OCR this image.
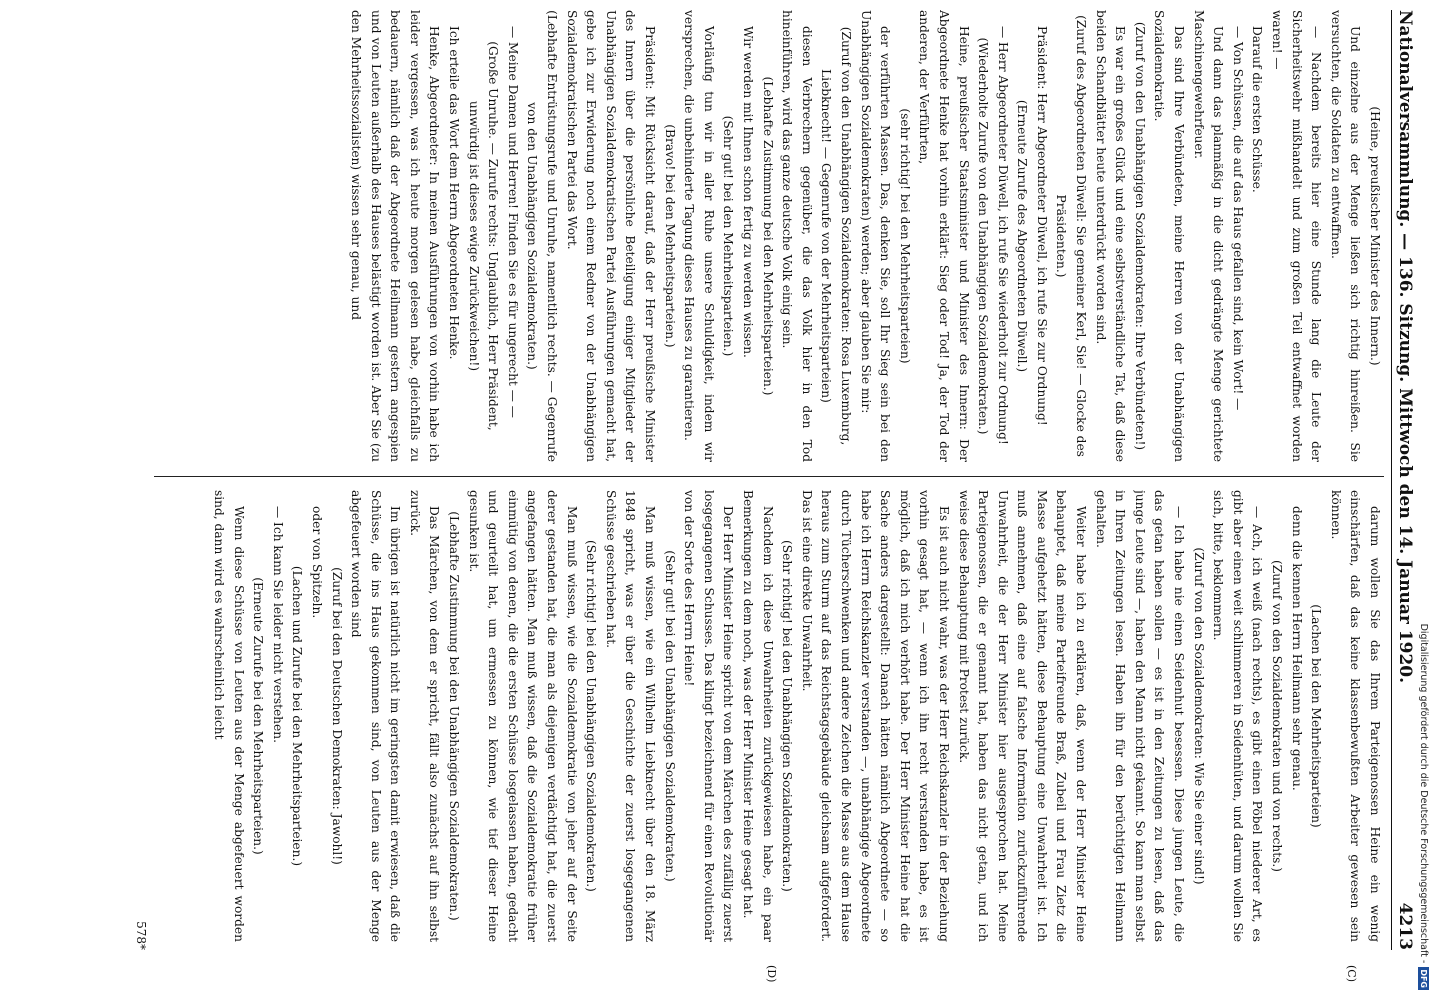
Nationalversammlung. — 136. Sitzung. Mittwoch den 14. Januar 1920.
4213
(C)
(D)

(Heine, preußischer Minister des Innern.)

Und einzelne aus der Menge ließen sich richtig hinreißen. Sie versuchten, die Soldaten zu entwaffnen.

— Nachdem bereits hier eine Stunde lang die Leute der Sicherheitswehr mißhandelt und zum großen Teil entwaffnet worden waren! —

Darauf die ersten Schüsse.

— Von Schüssen, die auf das Haus gefallen sind, kein Wort! —

Und dann das planmäßig in die dicht gedrängte Menge gerichtete Maschinengewehrfeuer.

Das sind Ihre Verbündeten, meine Herren von der Unabhängigen Sozialdemokratie.

(Zuruf von den Unabhängigen Sozialdemokraten: Ihre Verbündeten!)

Es war ein großes Glück und eine selbstverständliche Tat, daß diese beiden Schandblätter heute unterdrückt worden sind.

(Zuruf des Abgeordneten Düwell: Sie gemeiner Kerl, Sie! — Glocke des Präsidenten.)

Präsident: Herr Abgeordneter Düwell, ich rufe Sie zur Ordnung!

(Erneute Zurufe des Abgeordneten Düwell.)

— Herr Abgeordneter Düwell, ich rufe Sie wiederholt zur Ordnung!

(Wiederholte Zurufe von den Unabhängigen Sozialdemokraten.)

Heine, preußischer Staatsminister und Minister des Innern: Der Abgeordnete Henke hat vorhin erklärt: Sieg oder Tod! Ja, der Tod der anderen, der Verführten,

(sehr richtig! bei den Mehrheitsparteien)

der verführten Massen. Das, denken Sie, soll Ihr Sieg sein bei den Unabhängigen Sozialdemokraten) werden; aber glauben Sie mir:

(Zuruf von den Unabhängigen Sozialdemokraten: Rosa Luxemburg, Liebknecht! — Gegenrufe von der Mehrheitsparteien)

diesen Verbrechern gegenüber, die das Volk hier in den Tod hineinführen, wird das ganze deutsche Volk einig sein.

(Lebhafte Zustimmung bei den Mehrheitsparteien.)

Wir werden mit Ihnen schon fertig zu werden wissen.

(Sehr gut! bei den Mehrheitsparteien.)

Vorläufig tun wir in aller Ruhe unsere Schuldigkeit, indem wir versprechen, die unbehinderte Tagung dieses Hauses zu garantieren.

(Bravo! bei den Mehrheitsparteien.)

Präsident: Mit Rücksicht darauf, daß der Herr preußische Minister des Innern über die persönliche Beteiligung einiger Mitglieder der Unabhängigen Sozialdemokratischen Partei Ausführungen gemacht hat, gebe ich zur Erwiderung noch einem Redner von der Unabhängigen Sozialdemokratischen Partei das Wort.

(Lebhafte Entrüstungsrufe und Unruhe, namentlich rechts. — Gegenrufe von den Unabhängigen Sozialdemokraten.)

— Meine Damen und Herren! Finden Sie es für ungerecht — —

(Große Unruhe. — Zurufe rechts: Unglaublich, Herr Präsident, unwürdig ist dieses ewige Zurückweichen!)

Ich erteile das Wort dem Herrn Abgeordneten Henke.

Henke, Abgeordneter: In meinen Ausführungen von vorhin habe ich leider vergessen, was ich heute morgen gelesen habe, gleichfalls zu bedauern, nämlich daß der Abgeordnete Heilmann gestern angespien und von Leuten außerhalb des Hauses belästigt worden ist. Aber Sie (zu den Mehrheitssozialisten) wissen sehr genau, und

darum wollen Sie das Ihrem Parteigenossen Heine ein wenig einschärfen, daß das keine klassenbewußten Arbeiter gewesen sein können.

(Lachen bei den Mehrheitsparteien)

denn die kennen Herrn Heilmann sehr genau.

(Zuruf von den Sozialdemokraten und von rechts.)

— Ach, ich weiß (nach rechts), es gibt einen Pöbel niederer Art, es gibt aber einen weit schlimmeren in Seidenhüten, und darum wollen Sie sich, bitte, beklommern.

(Zuruf von den Sozialdemokraten: Wie Sie einer sind!)

— Ich habe nie einen Seidenhut besessen. Diese jungen Leute, die das getan haben sollen — es ist in den Zeitungen zu lesen, daß das junge Leute sind —, haben den Mann nicht gekannt. So kann man selbst in Ihren Zeitungen lesen. Haben ihn für den berüchtigten Heilmann gehalten.

Weiter habe ich zu erklären, daß, wenn der Herr Minister Heine behauptet, daß meine Parteifreunde Braß, Zubeil und Frau Zietz die Masse aufgehetzt hätten, diese Behauptung eine Unwahrheit ist. Ich muß annehmen, daß eine auf falsche Information zurückzuführende Unwahrheit, die der Herr Minister hier ausgesprochen hat. Meine Parteigenossen, die er genannt hat, haben das nicht getan, und ich weise diese Behauptung mit Protest zurück.

Es ist auch nicht wahr, was der Herr Reichskanzler in der Beziehung vorhin gesagt hat, — wenn ich ihn recht verstanden habe, es ist möglich, daß ich mich verhört habe. Der Herr Minister Heine hat die Sache anders dargestellt: Danach hätten nämlich Abgeordnete — so habe ich Herrn Reichskanzler verstanden —, unabhängige Abgeordnete durch Tücherschwenken und andere Zeichen die Masse aus dem Hause heraus zum Sturm auf das Reichstagsgebäude gleichsam aufgefordert. Das ist eine direkte Unwahrheit.

(Sehr richtig! bei den Unabhängigen Sozialdemokraten.)

Nachdem ich diese Unwahrheiten zurückgewiesen habe, ein paar Bemerkungen zu dem noch, was der Herr Minister Heine gesagt hat.

Der Herr Minister Heine spricht von dem Märchen des zufällig zuerst losgegangenen Schusses. Das klingt bezeichnend für einen Revolutionär von der Sorte des Herrn Heine!

(Sehr gut! bei den Unabhängigen Sozialdemokraten.)

Man muß wissen, wie ein Wilhelm Liebknecht über den 18. März 1848 spricht, was er über die Geschichte der zuerst losgegangenen Schüsse geschrieben hat.

(Sehr richtig! bei den Unabhängigen Sozialdemokraten.)

Man muß wissen, wie die Sozialdemokratie von jeher auf der Seite derer gestanden hat, die man als diejenigen verdächtigt hat, die zuerst angefangen hätten. Man muß wissen, daß die Sozialdemokratie früher einmütig von denen, die die ersten Schüsse losgelassen haben, gedacht und geurteilt hat, um ermessen zu können, wie tief dieser Heine gesunken ist.

(Lebhafte Zustimmung bei den Unabhängigen Sozialdemokraten.)

Das Märchen, von dem er spricht, fällt also zunächst auf ihn selbst zurück.

Im übrigen ist natürlich nicht im geringsten damit erwiesen, daß die Schüsse, die ins Haus gekommen sind, von Leuten aus der Menge abgefeuert worden sind

(Zuruf bei den Deutschen Demokraten: Jawohl!)

oder von Spitzeln.

(Lachen und Zurufe bei den Mehrheitsparteien.)

— Ich kann Sie leider nicht verstehen.

(Erneute Zurufe bei den Mehrheitsparteien.)

Wenn diese Schüsse von Leuten aus der Menge abgefeuert worden sind, dann wird es wahrscheinlich leicht

578*	Digitalisierung gefördert durch die Deutsche Forschungsgemeinschaft -
DFG
